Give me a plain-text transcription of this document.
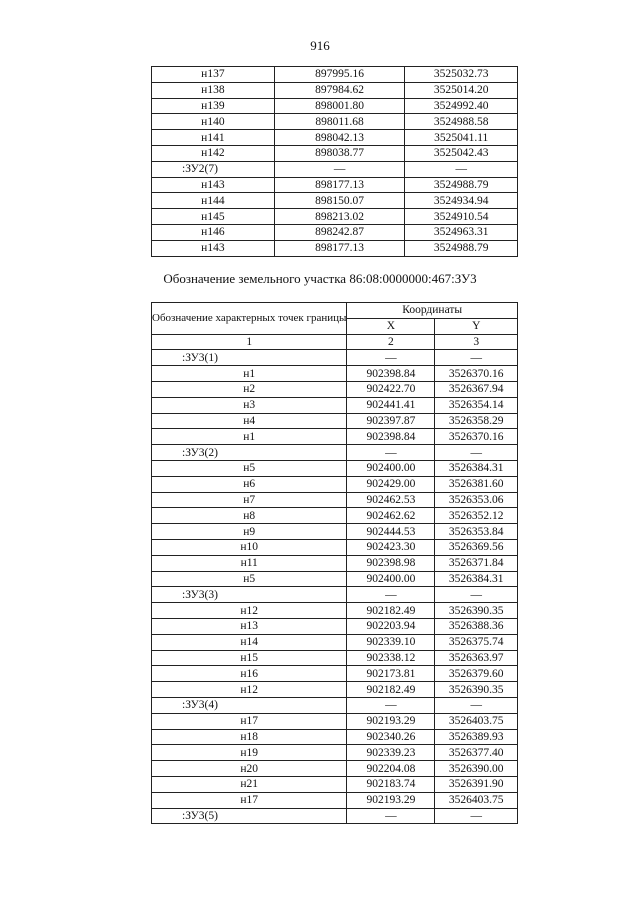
916
н137	897995.16	3525032.73
н138	897984.62	3525014.20
н139	898001.80	3524992.40
н140	898011.68	3524988.58
н141	898042.13	3525041.11
н142	898038.77	3525042.43
:ЗУ2(7)	—	—
н143	898177.13	3524988.79
н144	898150.07	3524934.94
н145	898213.02	3524910.54
н146	898242.87	3524963.31
н143	898177.13	3524988.79
Обозначение земельного участка 86:08:0000000:467:ЗУ3
Обозначение характерных точек границы	Координаты	
	X	Y
1	2	3
:ЗУ3(1)	—	—
н1	902398.84	3526370.16
н2	902422.70	3526367.94
н3	902441.41	3526354.14
н4	902397.87	3526358.29
н1	902398.84	3526370.16
:ЗУ3(2)	—	—
н5	902400.00	3526384.31
н6	902429.00	3526381.60
н7	902462.53	3526353.06
н8	902462.62	3526352.12
н9	902444.53	3526353.84
н10	902423.30	3526369.56
н11	902398.98	3526371.84
н5	902400.00	3526384.31
:ЗУ3(3)	—	—
н12	902182.49	3526390.35
н13	902203.94	3526388.36
н14	902339.10	3526375.74
н15	902338.12	3526363.97
н16	902173.81	3526379.60
н12	902182.49	3526390.35
:ЗУ3(4)	—	—
н17	902193.29	3526403.75
н18	902340.26	3526389.93
н19	902339.23	3526377.40
н20	902204.08	3526390.00
н21	902183.74	3526391.90
н17	902193.29	3526403.75
:ЗУ3(5)	—	—
